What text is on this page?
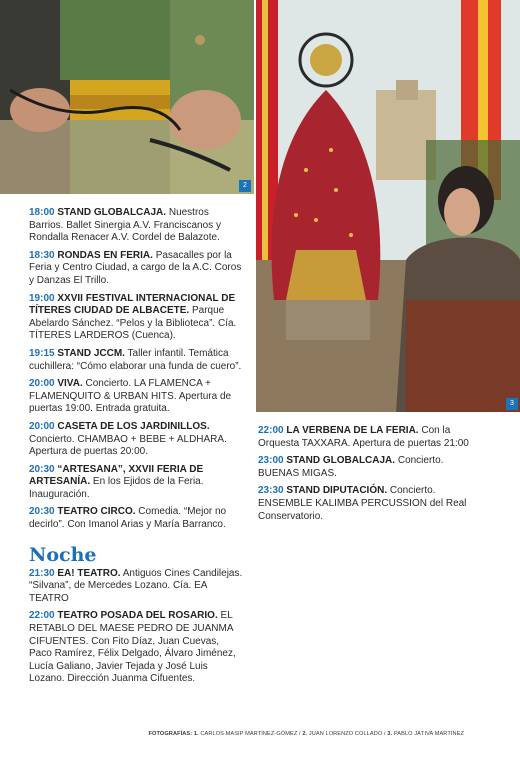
2
3

18:00 STAND GLOBALCAJA. Nuestros Barrios. Ballet Sinergia A.V. Franciscanos y Rondalla Renacer A.V. Cordel de Balazote.

18:30 RONDAS EN FERIA. Pasacalles por la Feria y Centro Ciudad, a cargo de la A.C. Coros y Danzas El Trillo.

19:00 XXVII FESTIVAL INTERNACIONAL DE TÍTERES CIUDAD DE ALBACETE. Parque Abelardo Sánchez. “Pelos y la Biblioteca”. Cía. TÍTERES LARDEROS (Cuenca).

19:15 STAND JCCM. Taller infantil. Temática cuchillera: “Cómo elaborar una funda de cuero”.

20:00 VIVA. Concierto. LA FLAMENCA + FLAMENQUITO & URBAN HITS. Apertura de puertas 19:00. Entrada gratuita.

20:00 CASETA DE LOS JARDINILLOS. Concierto. CHAMBAO + BEBE + ALDHARA. Apertura de puertas 20:00.

20:30 “ARTESANA”, XXVII FERIA DE ARTESANÍA. En los Ejidos de la Feria. Inauguración.

20:30 TEATRO CIRCO. Comedia. “Mejor no decirlo”. Con Imanol Arias y María Barranco.

Noche

21:30 EA! TEATRO. Antiguos Cines Candilejas. “Silvana”, de Mercedes Lozano. Cía. EA TEATRO

22:00 TEATRO POSADA DEL ROSARIO. EL RETABLO DEL MAESE PEDRO DE JUANMA CIFUENTES. Con Fito Díaz, Juan Cuevas, Paco Ramírez, Félix Delgado, Álvaro Jiménez, Lucía Galiano, Javier Tejada y José Luis Lozano. Dirección Juanma Cifuentes.

22:00 LA VERBENA DE LA FERIA. Con la Orquesta TAXXARA. Apertura de puertas 21:00

23:00 STAND GLOBALCAJA. Concierto. BUENAS MIGAS.

23:30 STAND DIPUTACIÓN. Concierto. ENSEMBLE KALIMBA PERCUSSION del Real Conservatorio.

FOTOGRAFÍAS: 1. CARLOS MASIP MARTÍNEZ-GÓMEZ / 2. JUAN LORENZO COLLADO / 3. PABLO JÁTIVA MARTÍNEZ
